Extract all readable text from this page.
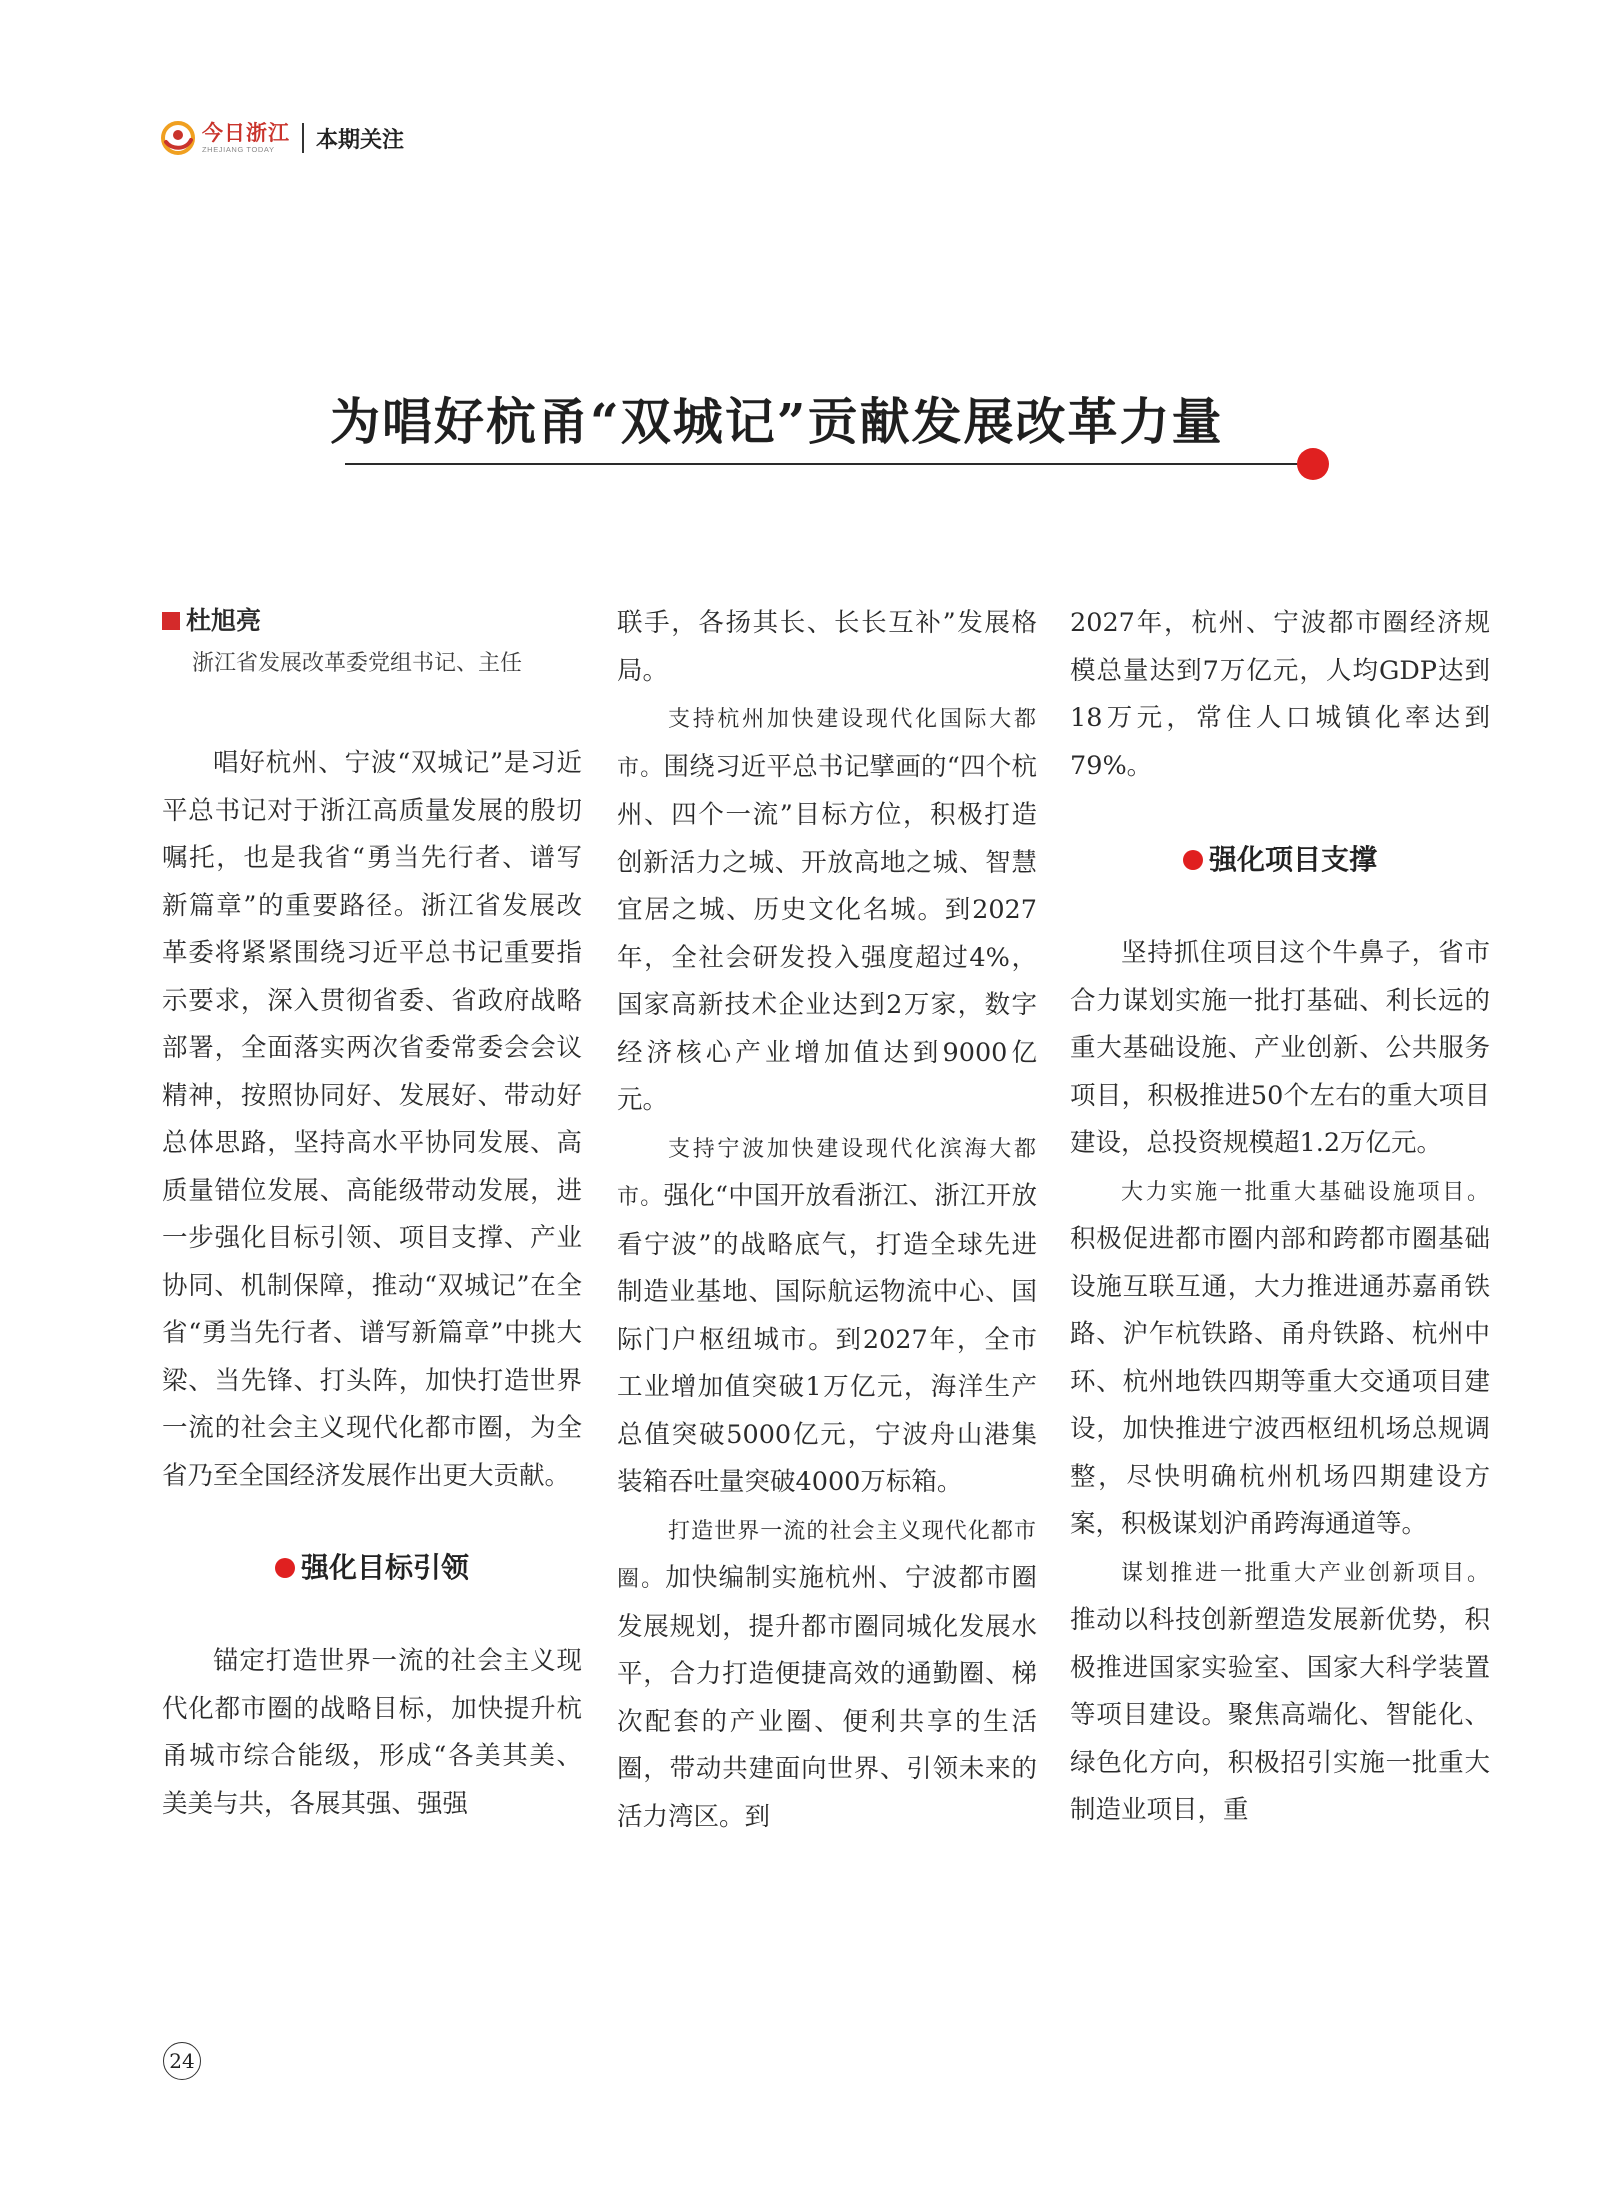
今日浙江
ZHEJIANG TODAY	本期关注
为唱好杭甬“双城记”贡献发展改革力量
杜旭亮
浙江省发展改革委党组书记、主任

唱好杭州、宁波“双城记”是习近平总书记对于浙江高质量发展的殷切嘱托，也是我省“勇当先行者、谱写新篇章”的重要路径。浙江省发展改革委将紧紧围绕习近平总书记重要指示要求，深入贯彻省委、省政府战略部署，全面落实两次省委常委会会议精神，按照协同好、发展好、带动好总体思路，坚持高水平协同发展、高质量错位发展、高能级带动发展，进一步强化目标引领、项目支撑、产业协同、机制保障，推动“双城记”在全省“勇当先行者、谱写新篇章”中挑大梁、当先锋、打头阵，加快打造世界一流的社会主义现代化都市圈，为全省乃至全国经济发展作出更大贡献。

强化目标引领

锚定打造世界一流的社会主义现代化都市圈的战略目标，加快提升杭甬城市综合能级，形成“各美其美、美美与共，各展其强、强强

联手，各扬其长、长长互补”发展格局。

支持杭州加快建设现代化国际大都市。围绕习近平总书记擘画的“四个杭州、四个一流”目标方位，积极打造创新活力之城、开放高地之城、智慧宜居之城、历史文化名城。到2027年，全社会研发投入强度超过4%，国家高新技术企业达到2万家，数字经济核心产业增加值达到9000亿元。

支持宁波加快建设现代化滨海大都市。强化“中国开放看浙江、浙江开放看宁波”的战略底气，打造全球先进制造业基地、国际航运物流中心、国际门户枢纽城市。到2027年，全市工业增加值突破1万亿元，海洋生产总值突破5000亿元，宁波舟山港集装箱吞吐量突破4000万标箱。

打造世界一流的社会主义现代化都市圈。加快编制实施杭州、宁波都市圈发展规划，提升都市圈同城化发展水平，合力打造便捷高效的通勤圈、梯次配套的产业圈、便利共享的生活圈，带动共建面向世界、引领未来的活力湾区。到

2027年，杭州、宁波都市圈经济规模总量达到7万亿元，人均GDP达到18万元，常住人口城镇化率达到79%。

强化项目支撑

坚持抓住项目这个牛鼻子，省市合力谋划实施一批打基础、利长远的重大基础设施、产业创新、公共服务项目，积极推进50个左右的重大项目建设，总投资规模超1.2万亿元。

大力实施一批重大基础设施项目。积极促进都市圈内部和跨都市圈基础设施互联互通，大力推进通苏嘉甬铁路、沪乍杭铁路、甬舟铁路、杭州中环、杭州地铁四期等重大交通项目建设，加快推进宁波西枢纽机场总规调整，尽快明确杭州机场四期建设方案，积极谋划沪甬跨海通道等。

谋划推进一批重大产业创新项目。推动以科技创新塑造发展新优势，积极推进国家实验室、国家大科学装置等项目建设。聚焦高端化、智能化、绿色化方向，积极招引实施一批重大制造业项目，重

24
